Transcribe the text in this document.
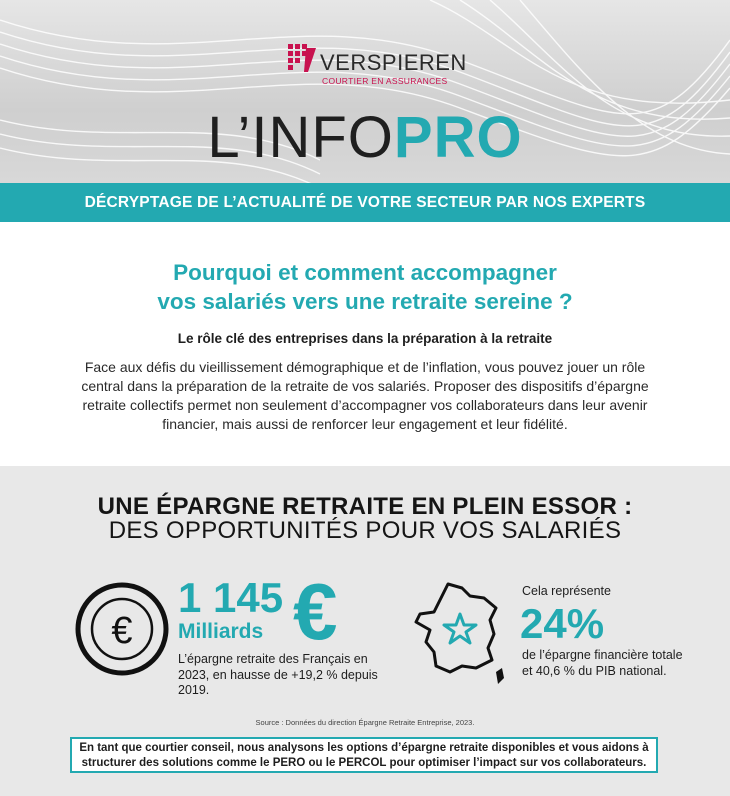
VERSPIEREN
COURTIER EN ASSURANCES
L’INFOPRO
DÉCRYPTAGE DE L’ACTUALITÉ DE VOTRE SECTEUR PAR NOS EXPERTS
Pourquoi et comment accompagner
vos salariés vers une retraite sereine ?
Le rôle clé des entreprises dans la préparation à la retraite
Face aux défis du vieillissement démographique et de l’inflation, vous pouvez jouer un rôle central dans la préparation de la retraite de vos salariés. Proposer des dispositifs d’épargne retraite collectifs permet non seulement d’accompagner vos collaborateurs dans leur avenir financier, mais aussi de renforcer leur engagement et leur fidélité.
UNE ÉPARGNE RETRAITE EN PLEIN ESSOR :
DES OPPORTUNITÉS POUR VOS SALARIÉS
€
1 145
Milliards €
L’épargne retraite des Français en 2023, en hausse de +19,2 % depuis 2019.
Cela représente
24%
de l’épargne financière totale et 40,6 % du PIB national.
Source : Données du direction Épargne Retraite Entreprise, 2023.
En tant que courtier conseil, nous analysons les options d’épargne retraite disponibles et vous aidons à structurer des solutions comme le PERO ou le PERCOL pour optimiser l’impact sur vos collaborateurs.
